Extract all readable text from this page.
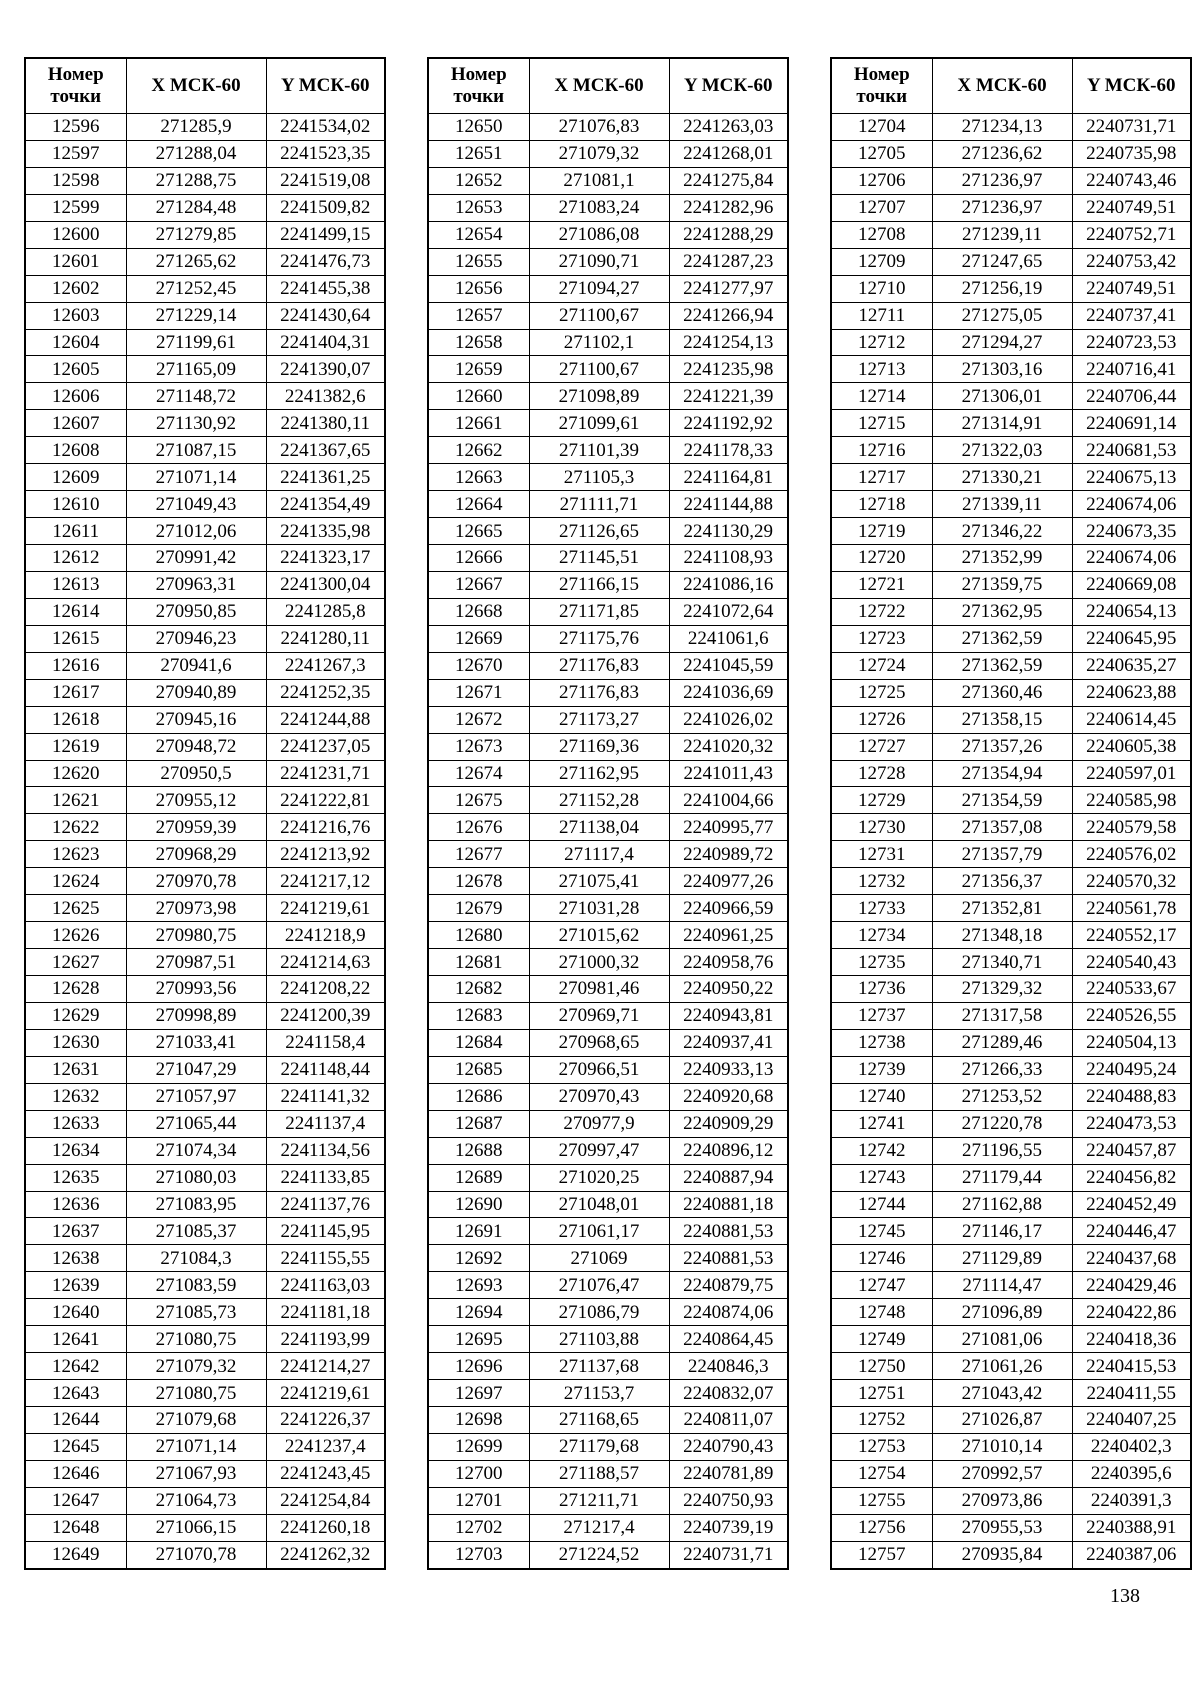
Номер точки	X МСК-60	Y МСК-60
12596	271285,9	2241534,02
12597	271288,04	2241523,35
12598	271288,75	2241519,08
12599	271284,48	2241509,82
12600	271279,85	2241499,15
12601	271265,62	2241476,73
12602	271252,45	2241455,38
12603	271229,14	2241430,64
12604	271199,61	2241404,31
12605	271165,09	2241390,07
12606	271148,72	2241382,6
12607	271130,92	2241380,11
12608	271087,15	2241367,65
12609	271071,14	2241361,25
12610	271049,43	2241354,49
12611	271012,06	2241335,98
12612	270991,42	2241323,17
12613	270963,31	2241300,04
12614	270950,85	2241285,8
12615	270946,23	2241280,11
12616	270941,6	2241267,3
12617	270940,89	2241252,35
12618	270945,16	2241244,88
12619	270948,72	2241237,05
12620	270950,5	2241231,71
12621	270955,12	2241222,81
12622	270959,39	2241216,76
12623	270968,29	2241213,92
12624	270970,78	2241217,12
12625	270973,98	2241219,61
12626	270980,75	2241218,9
12627	270987,51	2241214,63
12628	270993,56	2241208,22
12629	270998,89	2241200,39
12630	271033,41	2241158,4
12631	271047,29	2241148,44
12632	271057,97	2241141,32
12633	271065,44	2241137,4
12634	271074,34	2241134,56
12635	271080,03	2241133,85
12636	271083,95	2241137,76
12637	271085,37	2241145,95
12638	271084,3	2241155,55
12639	271083,59	2241163,03
12640	271085,73	2241181,18
12641	271080,75	2241193,99
12642	271079,32	2241214,27
12643	271080,75	2241219,61
12644	271079,68	2241226,37
12645	271071,14	2241237,4
12646	271067,93	2241243,45
12647	271064,73	2241254,84
12648	271066,15	2241260,18
12649	271070,78	2241262,32
Номер точки	X МСК-60	Y МСК-60
12650	271076,83	2241263,03
12651	271079,32	2241268,01
12652	271081,1	2241275,84
12653	271083,24	2241282,96
12654	271086,08	2241288,29
12655	271090,71	2241287,23
12656	271094,27	2241277,97
12657	271100,67	2241266,94
12658	271102,1	2241254,13
12659	271100,67	2241235,98
12660	271098,89	2241221,39
12661	271099,61	2241192,92
12662	271101,39	2241178,33
12663	271105,3	2241164,81
12664	271111,71	2241144,88
12665	271126,65	2241130,29
12666	271145,51	2241108,93
12667	271166,15	2241086,16
12668	271171,85	2241072,64
12669	271175,76	2241061,6
12670	271176,83	2241045,59
12671	271176,83	2241036,69
12672	271173,27	2241026,02
12673	271169,36	2241020,32
12674	271162,95	2241011,43
12675	271152,28	2241004,66
12676	271138,04	2240995,77
12677	271117,4	2240989,72
12678	271075,41	2240977,26
12679	271031,28	2240966,59
12680	271015,62	2240961,25
12681	271000,32	2240958,76
12682	270981,46	2240950,22
12683	270969,71	2240943,81
12684	270968,65	2240937,41
12685	270966,51	2240933,13
12686	270970,43	2240920,68
12687	270977,9	2240909,29
12688	270997,47	2240896,12
12689	271020,25	2240887,94
12690	271048,01	2240881,18
12691	271061,17	2240881,53
12692	271069	2240881,53
12693	271076,47	2240879,75
12694	271086,79	2240874,06
12695	271103,88	2240864,45
12696	271137,68	2240846,3
12697	271153,7	2240832,07
12698	271168,65	2240811,07
12699	271179,68	2240790,43
12700	271188,57	2240781,89
12701	271211,71	2240750,93
12702	271217,4	2240739,19
12703	271224,52	2240731,71
Номер точки	X МСК-60	Y МСК-60
12704	271234,13	2240731,71
12705	271236,62	2240735,98
12706	271236,97	2240743,46
12707	271236,97	2240749,51
12708	271239,11	2240752,71
12709	271247,65	2240753,42
12710	271256,19	2240749,51
12711	271275,05	2240737,41
12712	271294,27	2240723,53
12713	271303,16	2240716,41
12714	271306,01	2240706,44
12715	271314,91	2240691,14
12716	271322,03	2240681,53
12717	271330,21	2240675,13
12718	271339,11	2240674,06
12719	271346,22	2240673,35
12720	271352,99	2240674,06
12721	271359,75	2240669,08
12722	271362,95	2240654,13
12723	271362,59	2240645,95
12724	271362,59	2240635,27
12725	271360,46	2240623,88
12726	271358,15	2240614,45
12727	271357,26	2240605,38
12728	271354,94	2240597,01
12729	271354,59	2240585,98
12730	271357,08	2240579,58
12731	271357,79	2240576,02
12732	271356,37	2240570,32
12733	271352,81	2240561,78
12734	271348,18	2240552,17
12735	271340,71	2240540,43
12736	271329,32	2240533,67
12737	271317,58	2240526,55
12738	271289,46	2240504,13
12739	271266,33	2240495,24
12740	271253,52	2240488,83
12741	271220,78	2240473,53
12742	271196,55	2240457,87
12743	271179,44	2240456,82
12744	271162,88	2240452,49
12745	271146,17	2240446,47
12746	271129,89	2240437,68
12747	271114,47	2240429,46
12748	271096,89	2240422,86
12749	271081,06	2240418,36
12750	271061,26	2240415,53
12751	271043,42	2240411,55
12752	271026,87	2240407,25
12753	271010,14	2240402,3
12754	270992,57	2240395,6
12755	270973,86	2240391,3
12756	270955,53	2240388,91
12757	270935,84	2240387,06
138
